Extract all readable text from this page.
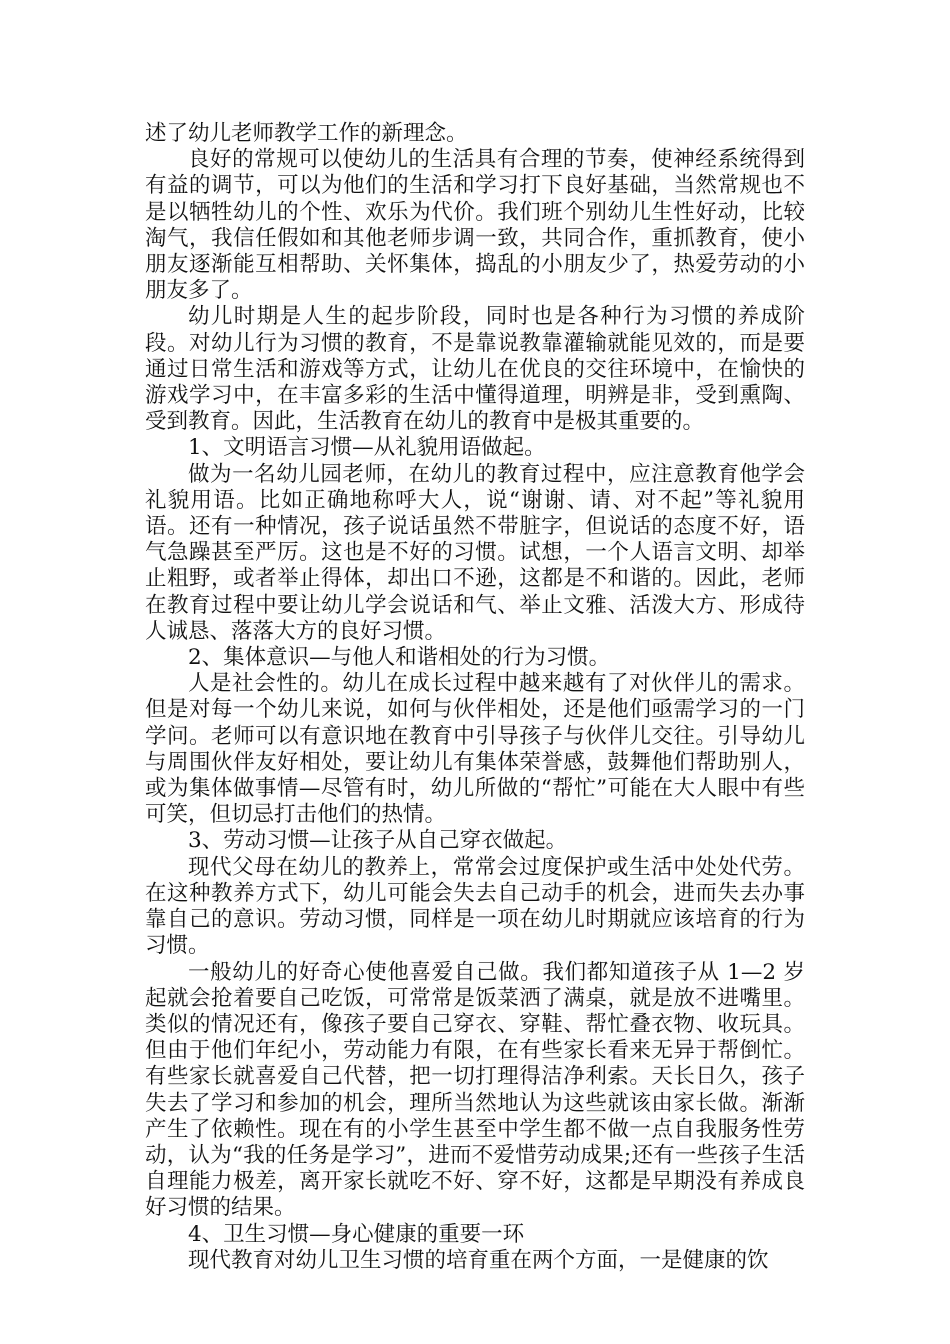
述了幼儿老师教学工作的新理念。

良好的常规可以使幼儿的生活具有合理的节奏，使神经系统得到有益的调节，可以为他们的生活和学习打下良好基础，当然常规也不是以牺牲幼儿的个性、欢乐为代价。我们班个别幼儿生性好动，比较淘气，我信任假如和其他老师步调一致，共同合作，重抓教育，使小朋友逐渐能互相帮助、关怀集体，捣乱的小朋友少了，热爱劳动的小朋友多了。

幼儿时期是人生的起步阶段，同时也是各种行为习惯的养成阶段。对幼儿行为习惯的教育，不是靠说教靠灌输就能见效的，而是要通过日常生活和游戏等方式，让幼儿在优良的交往环境中，在愉快的游戏学习中，在丰富多彩的生活中懂得道理，明辨是非，受到熏陶、受到教育。因此，生活教育在幼儿的教育中是极其重要的。

1、文明语言习惯—从礼貌用语做起。

做为一名幼儿园老师，在幼儿的教育过程中，应注意教育他学会礼貌用语。比如正确地称呼大人，说“谢谢、请、对不起”等礼貌用语。还有一种情况，孩子说话虽然不带脏字，但说话的态度不好，语气急躁甚至严厉。这也是不好的习惯。试想，一个人语言文明、却举止粗野，或者举止得体，却出口不逊，这都是不和谐的。因此，老师在教育过程中要让幼儿学会说话和气、举止文雅、活泼大方、形成待人诚恳、落落大方的良好习惯。

2、集体意识—与他人和谐相处的行为习惯。

人是社会性的。幼儿在成长过程中越来越有了对伙伴儿的需求。但是对每一个幼儿来说，如何与伙伴相处，还是他们亟需学习的一门学问。老师可以有意识地在教育中引导孩子与伙伴儿交往。引导幼儿与周围伙伴友好相处，要让幼儿有集体荣誉感，鼓舞他们帮助别人，或为集体做事情—尽管有时，幼儿所做的“帮忙”可能在大人眼中有些可笑，但切忌打击他们的热情。

3、劳动习惯—让孩子从自己穿衣做起。

现代父母在幼儿的教养上，常常会过度保护或生活中处处代劳。在这种教养方式下，幼儿可能会失去自己动手的机会，进而失去办事靠自己的意识。劳动习惯，同样是一项在幼儿时期就应该培育的行为习惯。

一般幼儿的好奇心使他喜爱自己做。我们都知道孩子从 1—2 岁起就会抢着要自己吃饭，可常常是饭菜洒了满桌，就是放不进嘴里。类似的情况还有，像孩子要自己穿衣、穿鞋、帮忙叠衣物、收玩具。但由于他们年纪小，劳动能力有限，在有些家长看来无异于帮倒忙。有些家长就喜爱自己代替，把一切打理得洁净利索。天长日久，孩子失去了学习和参加的机会，理所当然地认为这些就该由家长做。渐渐产生了依赖性。现在有的小学生甚至中学生都不做一点自我服务性劳动，认为“我的任务是学习”，进而不爱惜劳动成果;还有一些孩子生活自理能力极差，离开家长就吃不好、穿不好，这都是早期没有养成良好习惯的结果。

4、卫生习惯—身心健康的重要一环

现代教育对幼儿卫生习惯的培育重在两个方面，一是健康的饮
